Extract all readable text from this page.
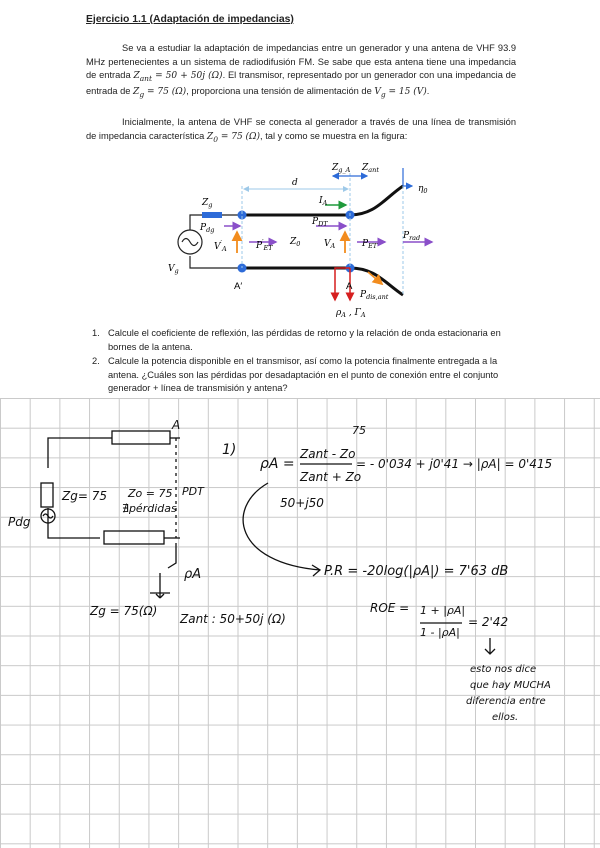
Ejercicio 1.1 (Adaptación de impedancias)

Se va a estudiar la adaptación de impedancias entre un generador y una antena de VHF 93.9 MHz pertenecientes a un sistema de radiodifusión FM. Se sabe que esta antena tiene una impedancia de entrada $Z_{ant} = 50 + 50j$ (Ω). El transmisor, representado por un generador con una impedancia de entrada de $Z_g = 75$ (Ω), proporciona una tensión de alimentación de $V_g = 15$ (V).

Inicialmente, la antena de VHF se conecta al generador a través de una línea de transmisión de impedancia característica $Z_0 = 75$ (Ω), tal y como se muestra en la figura:

$Z_{g\_A}$ $Z_{ant}$
d
$Z_g$	$I_A$
$\eta_0$
$P_{dg}$
$P_{DT}$
$V'_A$	$P'_{ET}$
$Z_0$	$V_A$	$P_{ET}$
$P_{rad}$
$V_g$
A′	A
$P_{dis,ant}$
$\rho_A$ , $\Gamma_A$
1. Calcule el coeficiente de reflexión, las pérdidas de retorno y la relación de onda estacionaria en bornes de la antena.
2. Calcule la potencia disponible en el transmisor, así como la potencia finalmente entregada a la antena. ¿Cuáles son las pérdidas por desadaptación en el punto de conexión entre el conjunto generador + línea de transmisión y antena?
A
Zg= 75 Zo = 75
∄pérdidas
PDT
Pdg
ρA
Zg = 75(Ω)
Zant : 50+50j (Ω)
1)
ρA =
Zant - Zo
Zant + Zo
75
50+j50
= - 0'034 + j0'41 → |ρA| = 0'415
P.R = -20log(|ρA|) = 7'63 dB
ROE = 1 + |ρA|
1 - |ρA|
= 2'42
esto nos dice
que hay MUCHA
diferencia entre
ellos.
